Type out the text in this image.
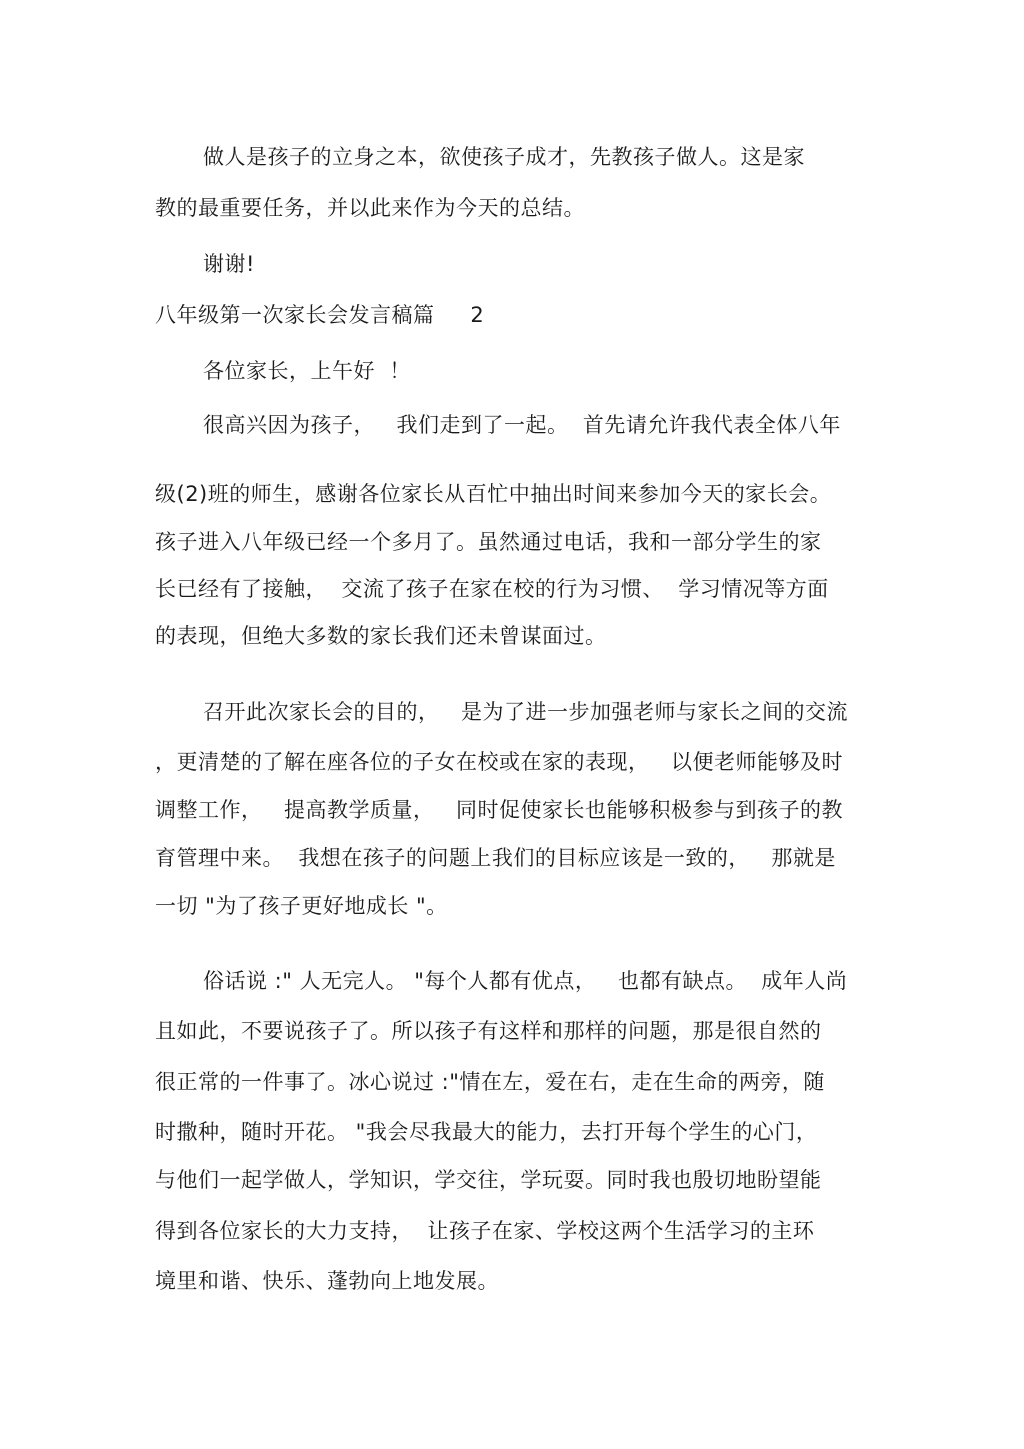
做人是孩子的立身之本，欲使孩子成才，先教孩子做人。这是家
教的最重要任务，并以此来作为今天的总结。
谢谢!
八年级第一次家长会发言稿篇     2
各位家长，上午好  ！
很高兴因为孩子，   我们走到了一起。  首先请允许我代表全体八年
级(2)班的师生，感谢各位家长从百忙中抽出时间来参加今天的家长会。
孩子进入八年级已经一个多月了。虽然通过电话，我和一部分学生的家
长已经有了接触，  交流了孩子在家在校的行为习惯、  学习情况等方面
的表现，但绝大多数的家长我们还未曾谋面过。
召开此次家长会的目的，   是为了进一步加强老师与家长之间的交流
，更清楚的了解在座各位的子女在校或在家的表现，   以便老师能够及时
调整工作，   提高教学质量，   同时促使家长也能够积极参与到孩子的教
育管理中来。  我想在孩子的问题上我们的目标应该是一致的，   那就是
一切 "为了孩子更好地成长 "。
俗话说 :" 人无完人。 "每个人都有优点，   也都有缺点。  成年人尚
且如此，不要说孩子了。所以孩子有这样和那样的问题，那是很自然的
很正常的一件事了。冰心说过 :"情在左，爱在右，走在生命的两旁，随
时撒种，随时开花。 "我会尽我最大的能力，去打开每个学生的心门，
与他们一起学做人，学知识，学交往，学玩耍。同时我也殷切地盼望能
得到各位家长的大力支持，  让孩子在家、学校这两个生活学习的主环
境里和谐、快乐、蓬勃向上地发展。
